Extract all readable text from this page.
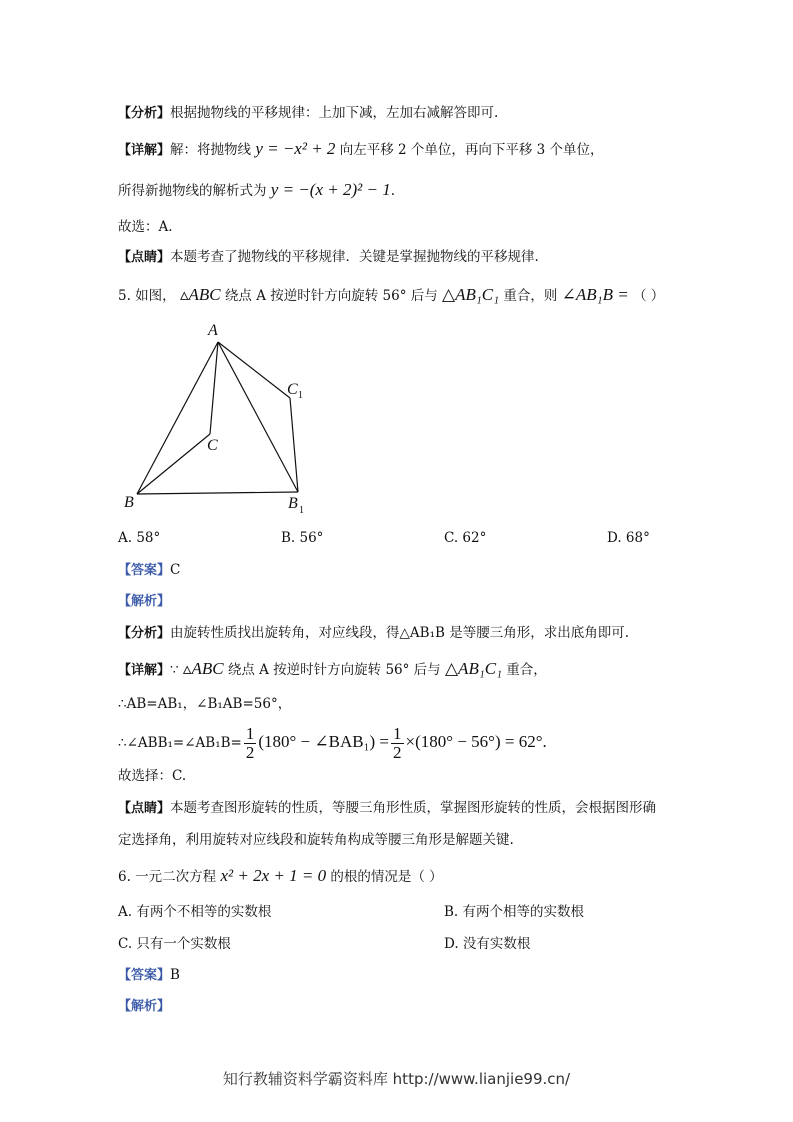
【分析】根据抛物线的平移规律：上加下减，左加右减解答即可.
【详解】解：将抛物线 y = −x² + 2 向左平移 2 个单位，再向下平移 3 个单位，
所得新抛物线的解析式为 y = −(x + 2)² − 1.
故选：A.
【点睛】本题考查了抛物线的平移规律．关键是掌握抛物线的平移规律.
5. 如图， ▵ABC 绕点 A 按逆时针方向旋转 56° 后与 △AB₁C₁ 重合，则 ∠AB₁B = （ ）
A
B
C
C 1
B 1
A. 58°	B. 56°	C. 62°	D. 68°
【答案】C
【解析】
【分析】由旋转性质找出旋转角，对应线段，得△AB₁B 是等腰三角形，求出底角即可.
【详解】∵ ▵ABC 绕点 A 按逆时针方向旋转 56° 后与 △AB₁C₁ 重合，
∴AB=AB₁，∠B₁AB=56°，
∴∠ABB₁=∠AB₁B= $\frac{1}{2} (180^\circ$ − ∠BAB₁) = $\frac{1}{2} \times(180^\circ - 56^\circ) = 62^\circ$.
故选择：C.
【点睛】本题考查图形旋转的性质，等腰三角形性质，掌握图形旋转的性质，会根据图形确
定选择角，利用旋转对应线段和旋转角构成等腰三角形是解题关键.
6. 一元二次方程 x² + 2x + 1 = 0 的根的情况是（ ）
A. 有两个不相等的实数根	B. 有两个相等的实数根
C. 只有一个实数根	D. 没有实数根
【答案】B
【解析】
知行教辅资料学霸资料库 http://www.lianjie99.cn/
